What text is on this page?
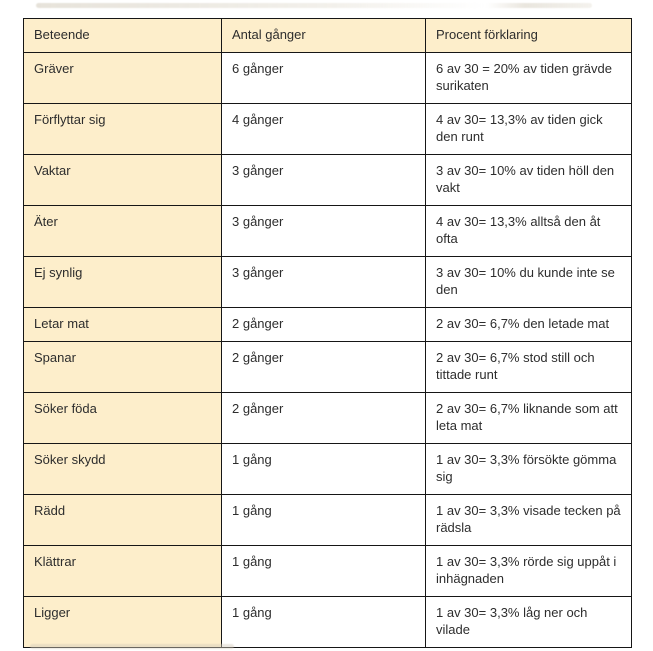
Beteende	Antal gånger	Procent förklaring
Gräver	6 gånger	6 av 30 = 20% av tiden grävde surikaten
Förflyttar sig	4 gånger	4 av 30= 13,3% av tiden gick den runt
Vaktar	3 gånger	3 av 30= 10% av tiden höll den vakt
Äter	3 gånger	4 av 30= 13,3% alltså den åt ofta
Ej synlig	3 gånger	3 av 30= 10% du kunde inte se den
Letar mat	2 gånger	2 av 30= 6,7% den letade mat
Spanar	2 gånger	2 av 30= 6,7% stod still och tittade runt
Söker föda	2 gånger	2 av 30= 6,7% liknande som att leta mat
Söker skydd	1 gång	1 av 30= 3,3% försökte gömma sig
Rädd	1 gång	1 av 30= 3,3% visade tecken på rädsla
Klättrar	1 gång	1 av 30= 3,3% rörde sig uppåt i inhägnaden
Ligger	1 gång	1 av 30= 3,3% låg ner och vilade
